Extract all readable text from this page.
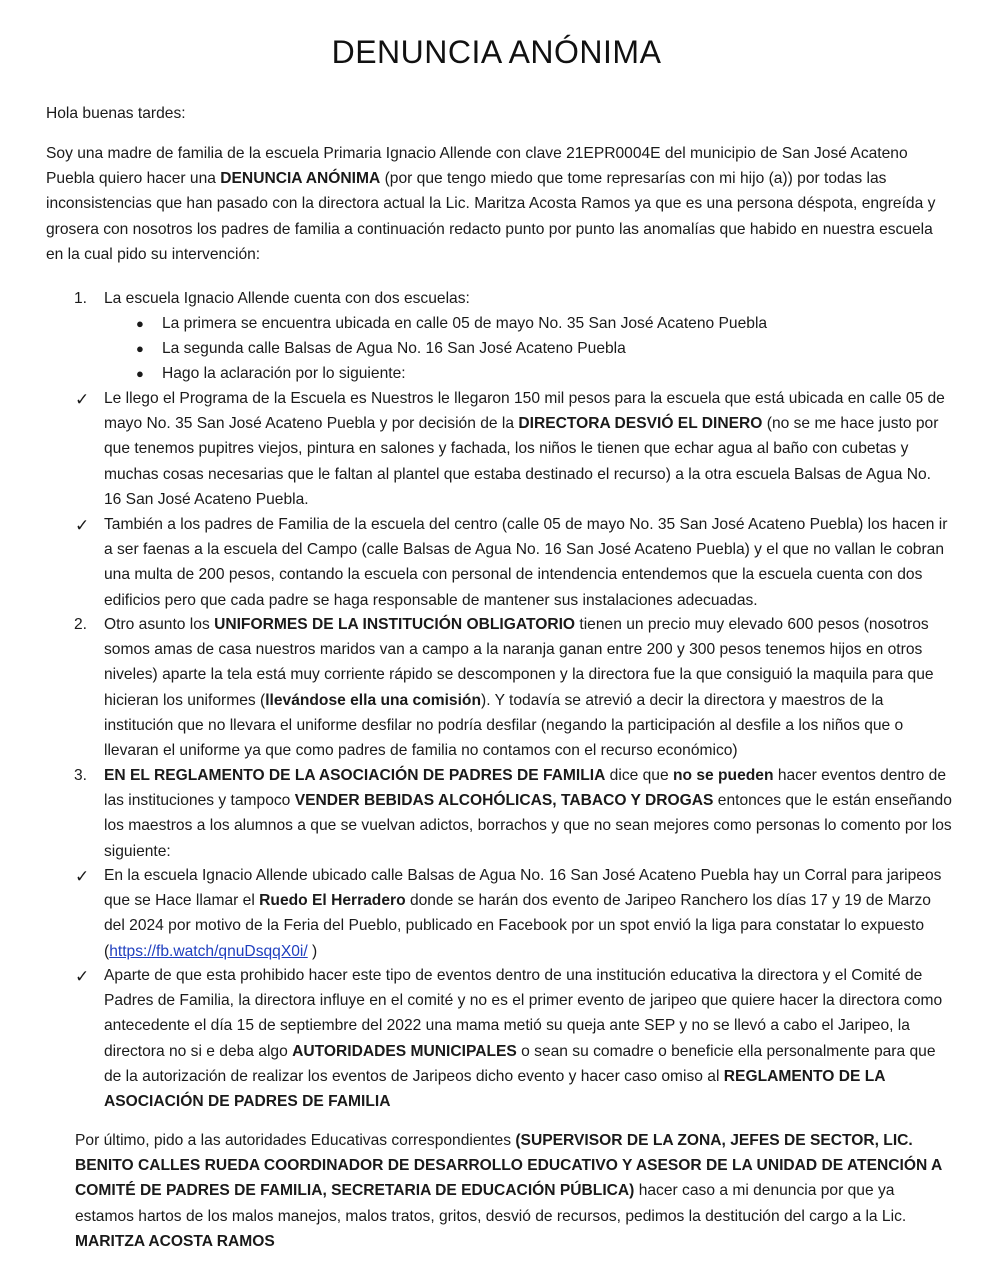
DENUNCIA ANÓNIMA
Hola buenas tardes:
Soy una madre de familia de la escuela Primaria Ignacio Allende con clave 21EPR0004E del municipio de San José Acateno Puebla quiero hacer una DENUNCIA ANÓNIMA (por que tengo miedo que tome represarías con mi hijo (a)) por todas las inconsistencias que han pasado con la directora actual la Lic. Maritza Acosta Ramos ya que es una persona déspota, engreída y grosera con nosotros los padres de familia a continuación redacto punto por punto las anomalías que habido en nuestra escuela en la cual pido su intervención:
1.	La escuela Ignacio Allende cuenta con dos escuelas:
● La primera se encuentra ubicada en calle 05 de mayo No. 35 San José Acateno Puebla
● La segunda calle Balsas de Agua No. 16 San José Acateno Puebla
● Hago la aclaración por lo siguiente:
✓ Le llego el Programa de la Escuela es Nuestros le llegaron 150 mil pesos para la escuela que está ubicada en calle 05 de mayo No. 35 San José Acateno Puebla y por decisión de la DIRECTORA DESVIÓ EL DINERO (no se me hace justo por que tenemos pupitres viejos, pintura en salones y fachada, los niños le tienen que echar agua al baño con cubetas y muchas cosas necesarias que le faltan al plantel que estaba destinado el recurso) a la otra escuela Balsas de Agua No. 16 San José Acateno Puebla.
✓ También a los padres de Familia de la escuela del centro (calle 05 de mayo No. 35 San José Acateno Puebla) los hacen ir a ser faenas a la escuela del Campo (calle Balsas de Agua No. 16 San José Acateno Puebla) y el que no vallan le cobran una multa de 200 pesos, contando la escuela con personal de intendencia entendemos que la escuela cuenta con dos edificios pero que cada padre se haga responsable de mantener sus instalaciones adecuadas.
2.	Otro asunto los UNIFORMES DE LA INSTITUCIÓN OBLIGATORIO tienen un precio muy elevado 600 pesos (nosotros somos amas de casa nuestros maridos van a campo a la naranja ganan entre 200 y 300 pesos tenemos hijos en otros niveles) aparte la tela está muy corriente rápido se descomponen y la directora fue la que consiguió la maquila para que hicieran los uniformes (llevándose ella una comisión). Y todavía se atrevió a decir la directora y maestros de la institución que no llevara el uniforme desfilar no podría desfilar (negando la participación al desfile a los niños que o llevaran el uniforme ya que como padres de familia no contamos con el recurso económico)
3.	EN EL REGLAMENTO DE LA ASOCIACIÓN DE PADRES DE FAMILIA dice que no se pueden hacer eventos dentro de las instituciones y tampoco VENDER BEBIDAS ALCOHÓLICAS, TABACO Y DROGAS entonces que le están enseñando los maestros a los alumnos a que se vuelvan adictos, borrachos y que no sean mejores como personas lo comento por los siguiente:
✓ En la escuela Ignacio Allende ubicado calle Balsas de Agua No. 16 San José Acateno Puebla hay un Corral para jaripeos que se Hace llamar el Ruedo El Herradero donde se harán dos evento de Jaripeo Ranchero los días 17 y 19 de Marzo del 2024 por motivo de la Feria del Pueblo, publicado en Facebook por un spot envió la liga para constatar lo expuesto (https://fb.watch/qnuDsqqX0i/ )
✓ Aparte de que esta prohibido hacer este tipo de eventos dentro de una institución educativa la directora y el Comité de Padres de Familia, la directora influye en el comité y no es el primer evento de jaripeo que quiere hacer la directora como antecedente el día 15 de septiembre del 2022 una mama metió su queja ante SEP y no se llevó a cabo el Jaripeo, la directora no si e deba algo AUTORIDADES MUNICIPALES o sean su comadre o beneficie ella personalmente para que de la autorización de realizar los eventos de Jaripeos dicho evento y hacer caso omiso al REGLAMENTO DE LA ASOCIACIÓN DE PADRES DE FAMILIA
Por último, pido a las autoridades Educativas correspondientes (SUPERVISOR DE LA ZONA, JEFES DE SECTOR, LIC. BENITO CALLES RUEDA COORDINADOR DE DESARROLLO EDUCATIVO Y ASESOR DE LA UNIDAD DE ATENCIÓN A COMITÉ DE PADRES DE FAMILIA, SECRETARIA DE EDUCACIÓN PÚBLICA) hacer caso a mi denuncia por que ya estamos hartos de los malos manejos, malos tratos, gritos, desvió de recursos, pedimos la destitución del cargo a la Lic. MARITZA ACOSTA RAMOS
